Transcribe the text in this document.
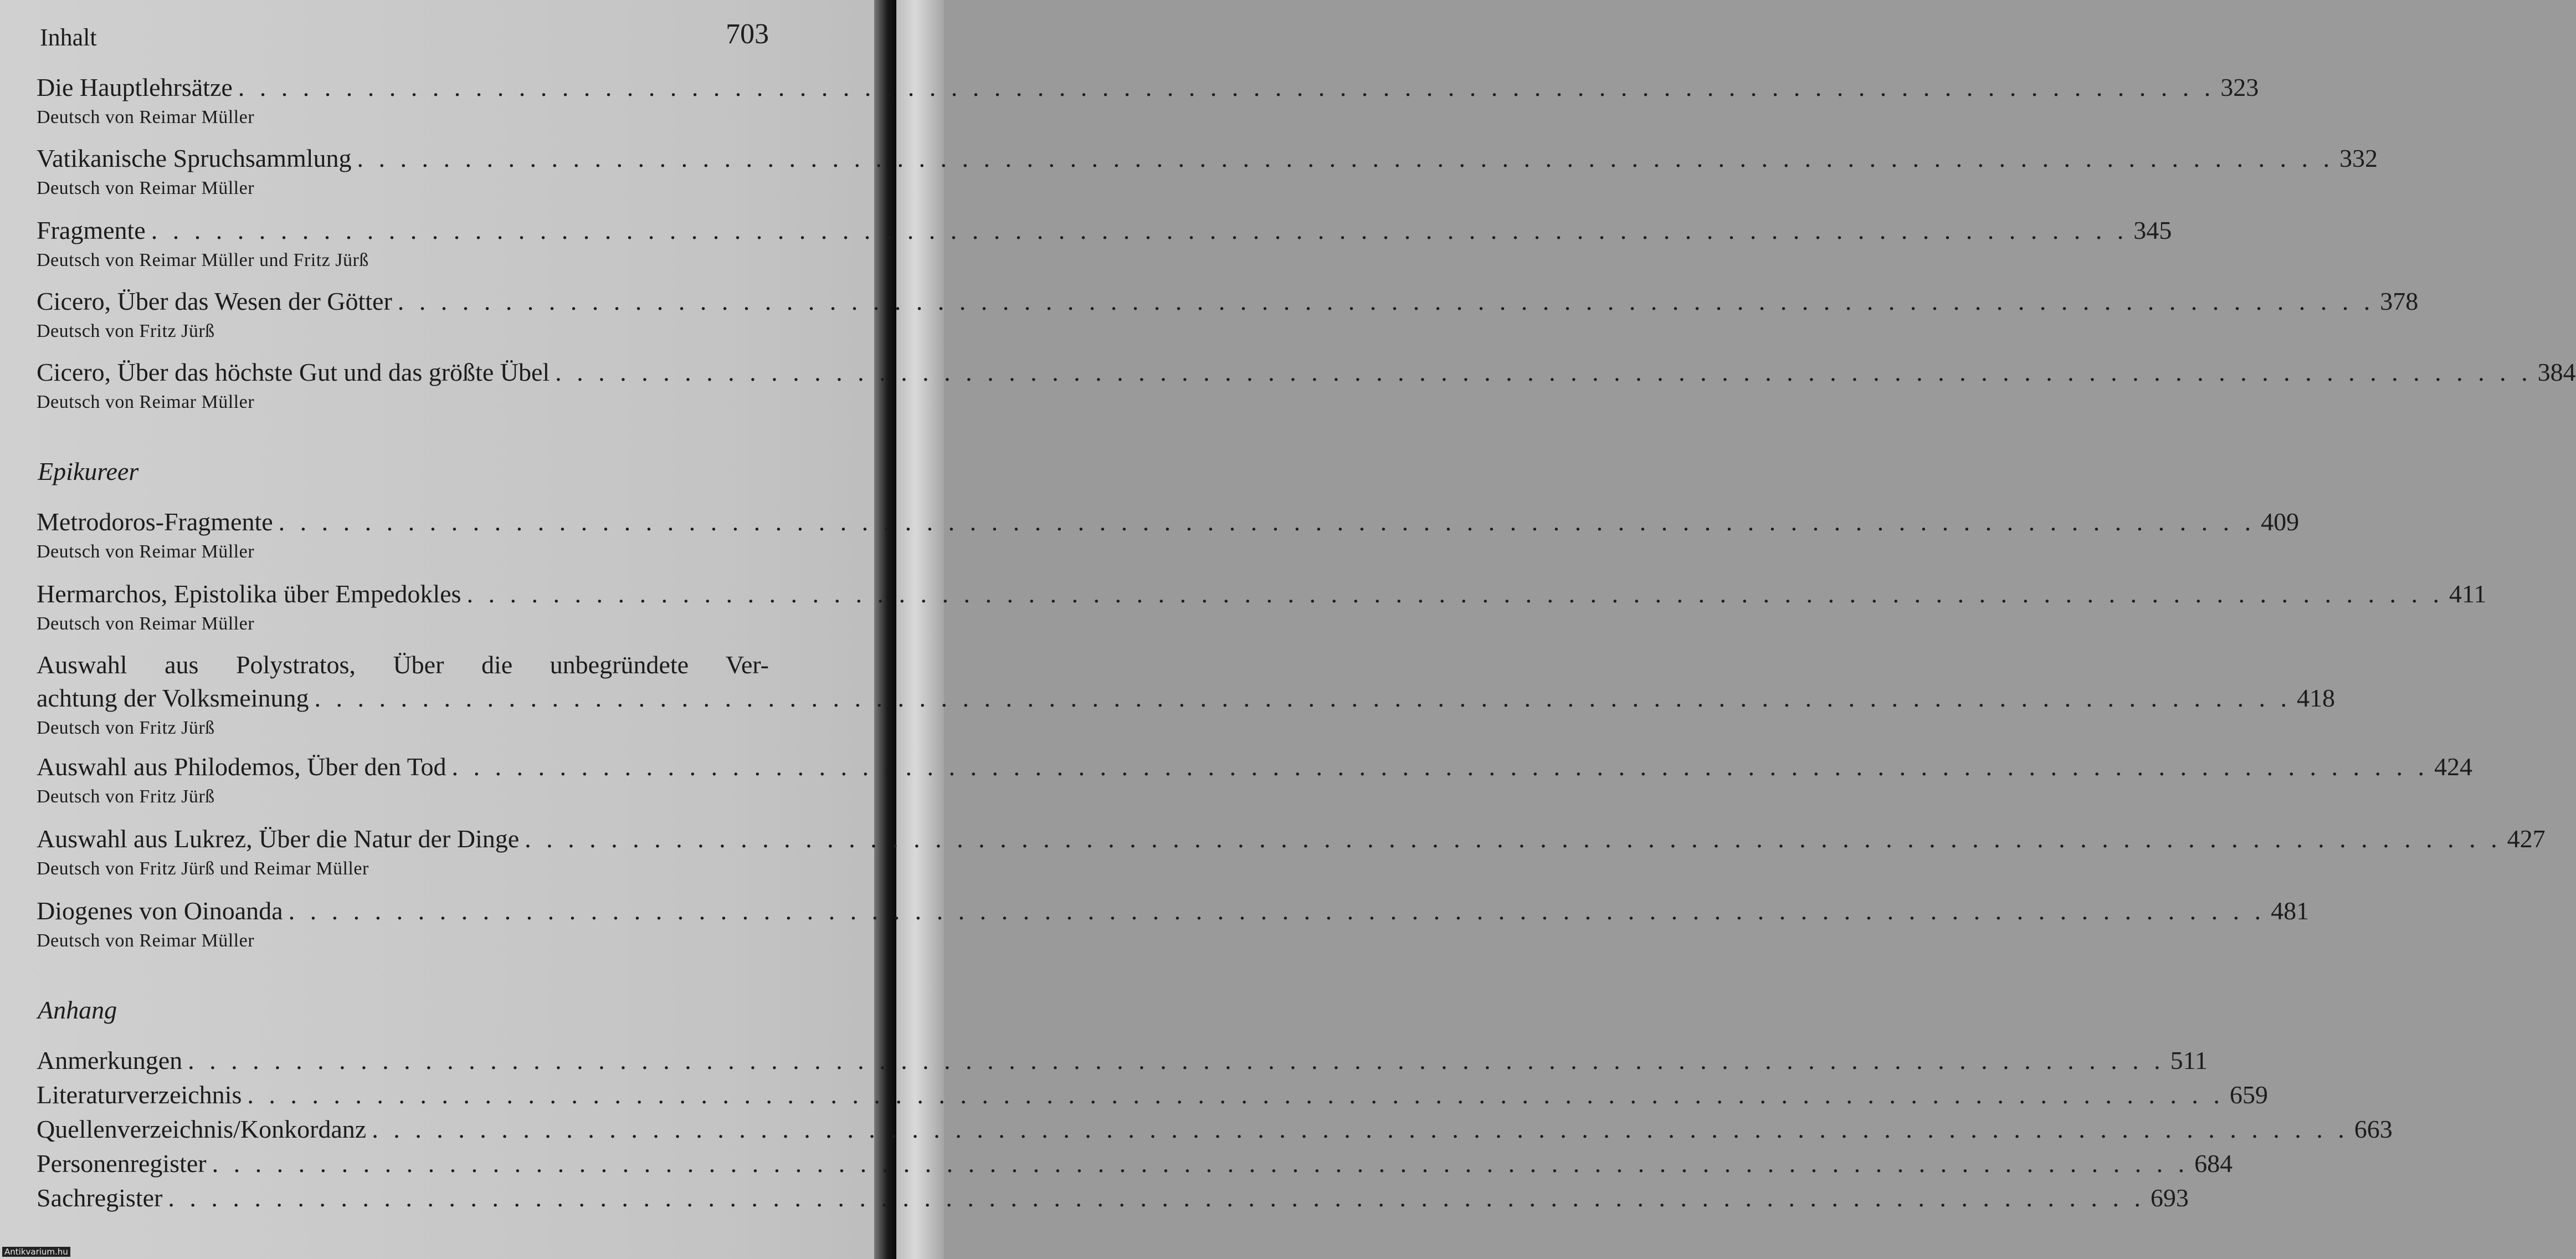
Inhalt	703
Die Hauptlehrsätze . . . . . . . . . . . . . . . . . . . . . . . . . . . . . . . . . . . . . . . . . . . . . . . . . . . . . . . . . . . . . . . . . . . . . . . . . . . . . . . . . . . . . . . . . . . . 323
Deutsch von Reimar Müller
Vatikanische Spruchsammlung . . . . . . . . . . . . . . . . . . . . . . . . . . . . . . . . . . . . . . . . . . . . . . . . . . . . . . . . . . . . . . . . . . . . . . . . . . . . . . . . . . . . . . . . . . . . 332
Deutsch von Reimar Müller
Fragmente . . . . . . . . . . . . . . . . . . . . . . . . . . . . . . . . . . . . . . . . . . . . . . . . . . . . . . . . . . . . . . . . . . . . . . . . . . . . . . . . . . . . . . . . . . . . 345
Deutsch von Reimar Müller und Fritz Jürß
Cicero, Über das Wesen der Götter . . . . . . . . . . . . . . . . . . . . . . . . . . . . . . . . . . . . . . . . . . . . . . . . . . . . . . . . . . . . . . . . . . . . . . . . . . . . . . . . . . . . . . . . . . . . 378
Deutsch von Fritz Jürß
Cicero, Über das höchste Gut und das größte Übel . . . . . . . . . . . . . . . . . . . . . . . . . . . . . . . . . . . . . . . . . . . . . . . . . . . . . . . . . . . . . . . . . . . . . . . . . . . . . . . . . . . . . . . . . . . . 384
Deutsch von Reimar Müller
Epikureer
Metrodoros-Fragmente . . . . . . . . . . . . . . . . . . . . . . . . . . . . . . . . . . . . . . . . . . . . . . . . . . . . . . . . . . . . . . . . . . . . . . . . . . . . . . . . . . . . . . . . . . . . 409
Deutsch von Reimar Müller
Hermarchos, Epistolika über Empedokles . . . . . . . . . . . . . . . . . . . . . . . . . . . . . . . . . . . . . . . . . . . . . . . . . . . . . . . . . . . . . . . . . . . . . . . . . . . . . . . . . . . . . . . . . . . . 411
Deutsch von Reimar Müller
Auswahl aus Polystratos, Über die unbegründete Ver-
achtung der Volksmeinung . . . . . . . . . . . . . . . . . . . . . . . . . . . . . . . . . . . . . . . . . . . . . . . . . . . . . . . . . . . . . . . . . . . . . . . . . . . . . . . . . . . . . . . . . . . . 418
Deutsch von Fritz Jürß
Auswahl aus Philodemos, Über den Tod . . . . . . . . . . . . . . . . . . . . . . . . . . . . . . . . . . . . . . . . . . . . . . . . . . . . . . . . . . . . . . . . . . . . . . . . . . . . . . . . . . . . . . . . . . . . 424
Deutsch von Fritz Jürß
Auswahl aus Lukrez, Über die Natur der Dinge . . . . . . . . . . . . . . . . . . . . . . . . . . . . . . . . . . . . . . . . . . . . . . . . . . . . . . . . . . . . . . . . . . . . . . . . . . . . . . . . . . . . . . . . . . . . 427
Deutsch von Fritz Jürß und Reimar Müller
Diogenes von Oinoanda . . . . . . . . . . . . . . . . . . . . . . . . . . . . . . . . . . . . . . . . . . . . . . . . . . . . . . . . . . . . . . . . . . . . . . . . . . . . . . . . . . . . . . . . . . . . 481
Deutsch von Reimar Müller
Anhang
Anmerkungen . . . . . . . . . . . . . . . . . . . . . . . . . . . . . . . . . . . . . . . . . . . . . . . . . . . . . . . . . . . . . . . . . . . . . . . . . . . . . . . . . . . . . . . . . . . . 511
Literaturverzeichnis . . . . . . . . . . . . . . . . . . . . . . . . . . . . . . . . . . . . . . . . . . . . . . . . . . . . . . . . . . . . . . . . . . . . . . . . . . . . . . . . . . . . . . . . . . . . 659
Quellenverzeichnis/Konkordanz . . . . . . . . . . . . . . . . . . . . . . . . . . . . . . . . . . . . . . . . . . . . . . . . . . . . . . . . . . . . . . . . . . . . . . . . . . . . . . . . . . . . . . . . . . . . 663
Personenregister . . . . . . . . . . . . . . . . . . . . . . . . . . . . . . . . . . . . . . . . . . . . . . . . . . . . . . . . . . . . . . . . . . . . . . . . . . . . . . . . . . . . . . . . . . . . 684
Sachregister . . . . . . . . . . . . . . . . . . . . . . . . . . . . . . . . . . . . . . . . . . . . . . . . . . . . . . . . . . . . . . . . . . . . . . . . . . . . . . . . . . . . . . . . . . . . 693
Antikvarium.hu
